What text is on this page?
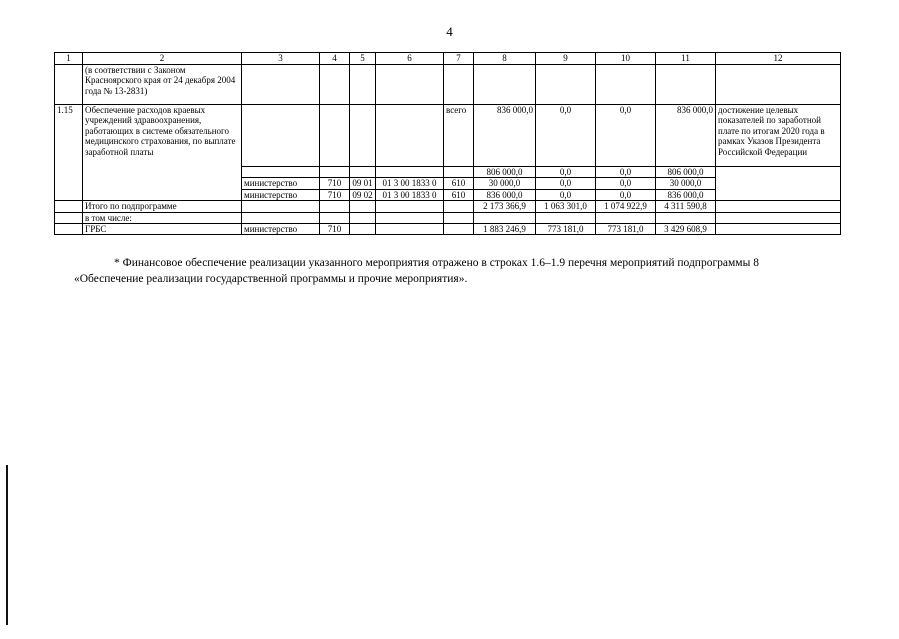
4
1	2	3	4	5	6	7	8	9	10	11	12
	(в соответствии с Законом Красноярского края от 24 декабря 2004 года № 13-2831)										
1.15	Обеспечение расходов краевых учреждений здравоохранения, работающих в системе обязательного медицинского страхования, по выплате заработной платы					всего	836 000,0	0,0	0,0	836 000,0	достижение целевых показателей по заработной плате по итогам 2020 года в рамках Указов Президента Российской Федерации
							806 000,0	0,0	0,0	806 000,0	
		министерство	710	09 01	01 3 00 1833 0	610	30 000,0	0,0	0,0	30 000,0	
		министерство	710	09 02	01 3 00 1833 0	610	836 000,0	0,0	0,0	836 000,0	
	Итого по подпрограмме						2 173 366,9	1 063 301,0	1 074 922,9	4 311 590,8	
	в том числе:										
	ГРБС	министерство	710				1 883 246,9	773 181,0	773 181,0	3 429 608,9	
* Финансовое обеспечение реализации указанного мероприятия отражено в строках 1.6–1.9 перечня мероприятий подпрограммы 8
«Обеспечение реализации государственной программы и прочие мероприятия».
